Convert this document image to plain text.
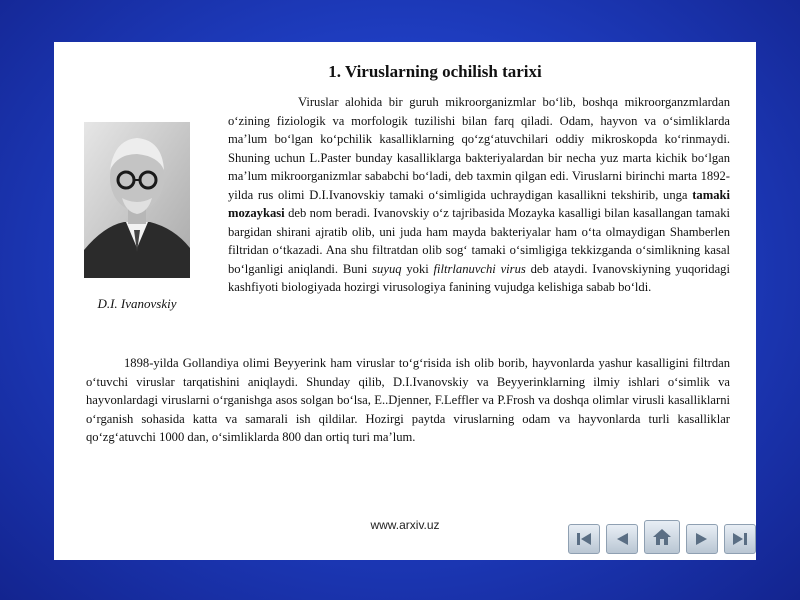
1. Viruslarning ochilish tarixi
D.I. Ivanovskiy

Viruslar alohida bir guruh mikroorganizmlar bo‘lib, boshqa mikroorganzmlardan o‘zining fiziologik va morfologik tuzilishi bilan farq qiladi. Odam, hayvon va o‘simliklarda ma’lum bo‘lgan ko‘pchilik kasalliklarning qo‘zg‘atuvchilari oddiy mikroskopda ko‘rinmaydi. Shuning uchun L.Paster bunday kasalliklarga bakteriyalardan bir necha yuz marta kichik bo‘lgan ma’lum mikroorganizmlar sababchi bo‘ladi, deb taxmin qilgan edi. Viruslarni birinchi marta 1892-yilda rus olimi D.I.Ivanovskiy tamaki o‘simligida uchraydigan kasallikni tekshirib, unga tamaki mozaykasi deb nom beradi. Ivanovskiy o‘z tajribasida Mozayka kasalligi bilan kasallangan tamaki bargidan shirani ajratib olib, uni juda ham mayda bakteriyalar ham o‘ta olmaydigan Shamberlen filtridan o‘tkazadi. Ana shu filtratdan olib sog‘ tamaki o‘simligiga tekkizganda o‘simlikning kasal bo‘lganligi aniqlandi. Buni suyuq yoki filtrlanuvchi virus deb ataydi. Ivanovskiyning yuqoridagi kashfiyoti biologiyada hozirgi virusologiya fanining vujudga kelishiga sabab bo‘ldi.

1898-yilda Gollandiya olimi Beyyerink ham viruslar to‘g‘risida ish olib borib, hayvonlarda yashur kasalligini filtrdan o‘tuvchi viruslar tarqatishini aniqlaydi. Shunday qilib, D.I.Ivanovskiy va Beyyerinklarning ilmiy ishlari o‘simlik va hayvonlardagi viruslarni o‘rganishga asos solgan bo‘lsa, E..Djenner, F.Leffler va P.Frosh va doshqa olimlar virusli kasalliklarni o‘rganish sohasida katta va samarali ish qildilar. Hozirgi paytda viruslarning odam va hayvonlarda turli kasalliklar qo‘zg‘atuvchi 1000 dan, o‘simliklarda 800 dan ortiq turi ma’lum.

www.arxiv.uz
